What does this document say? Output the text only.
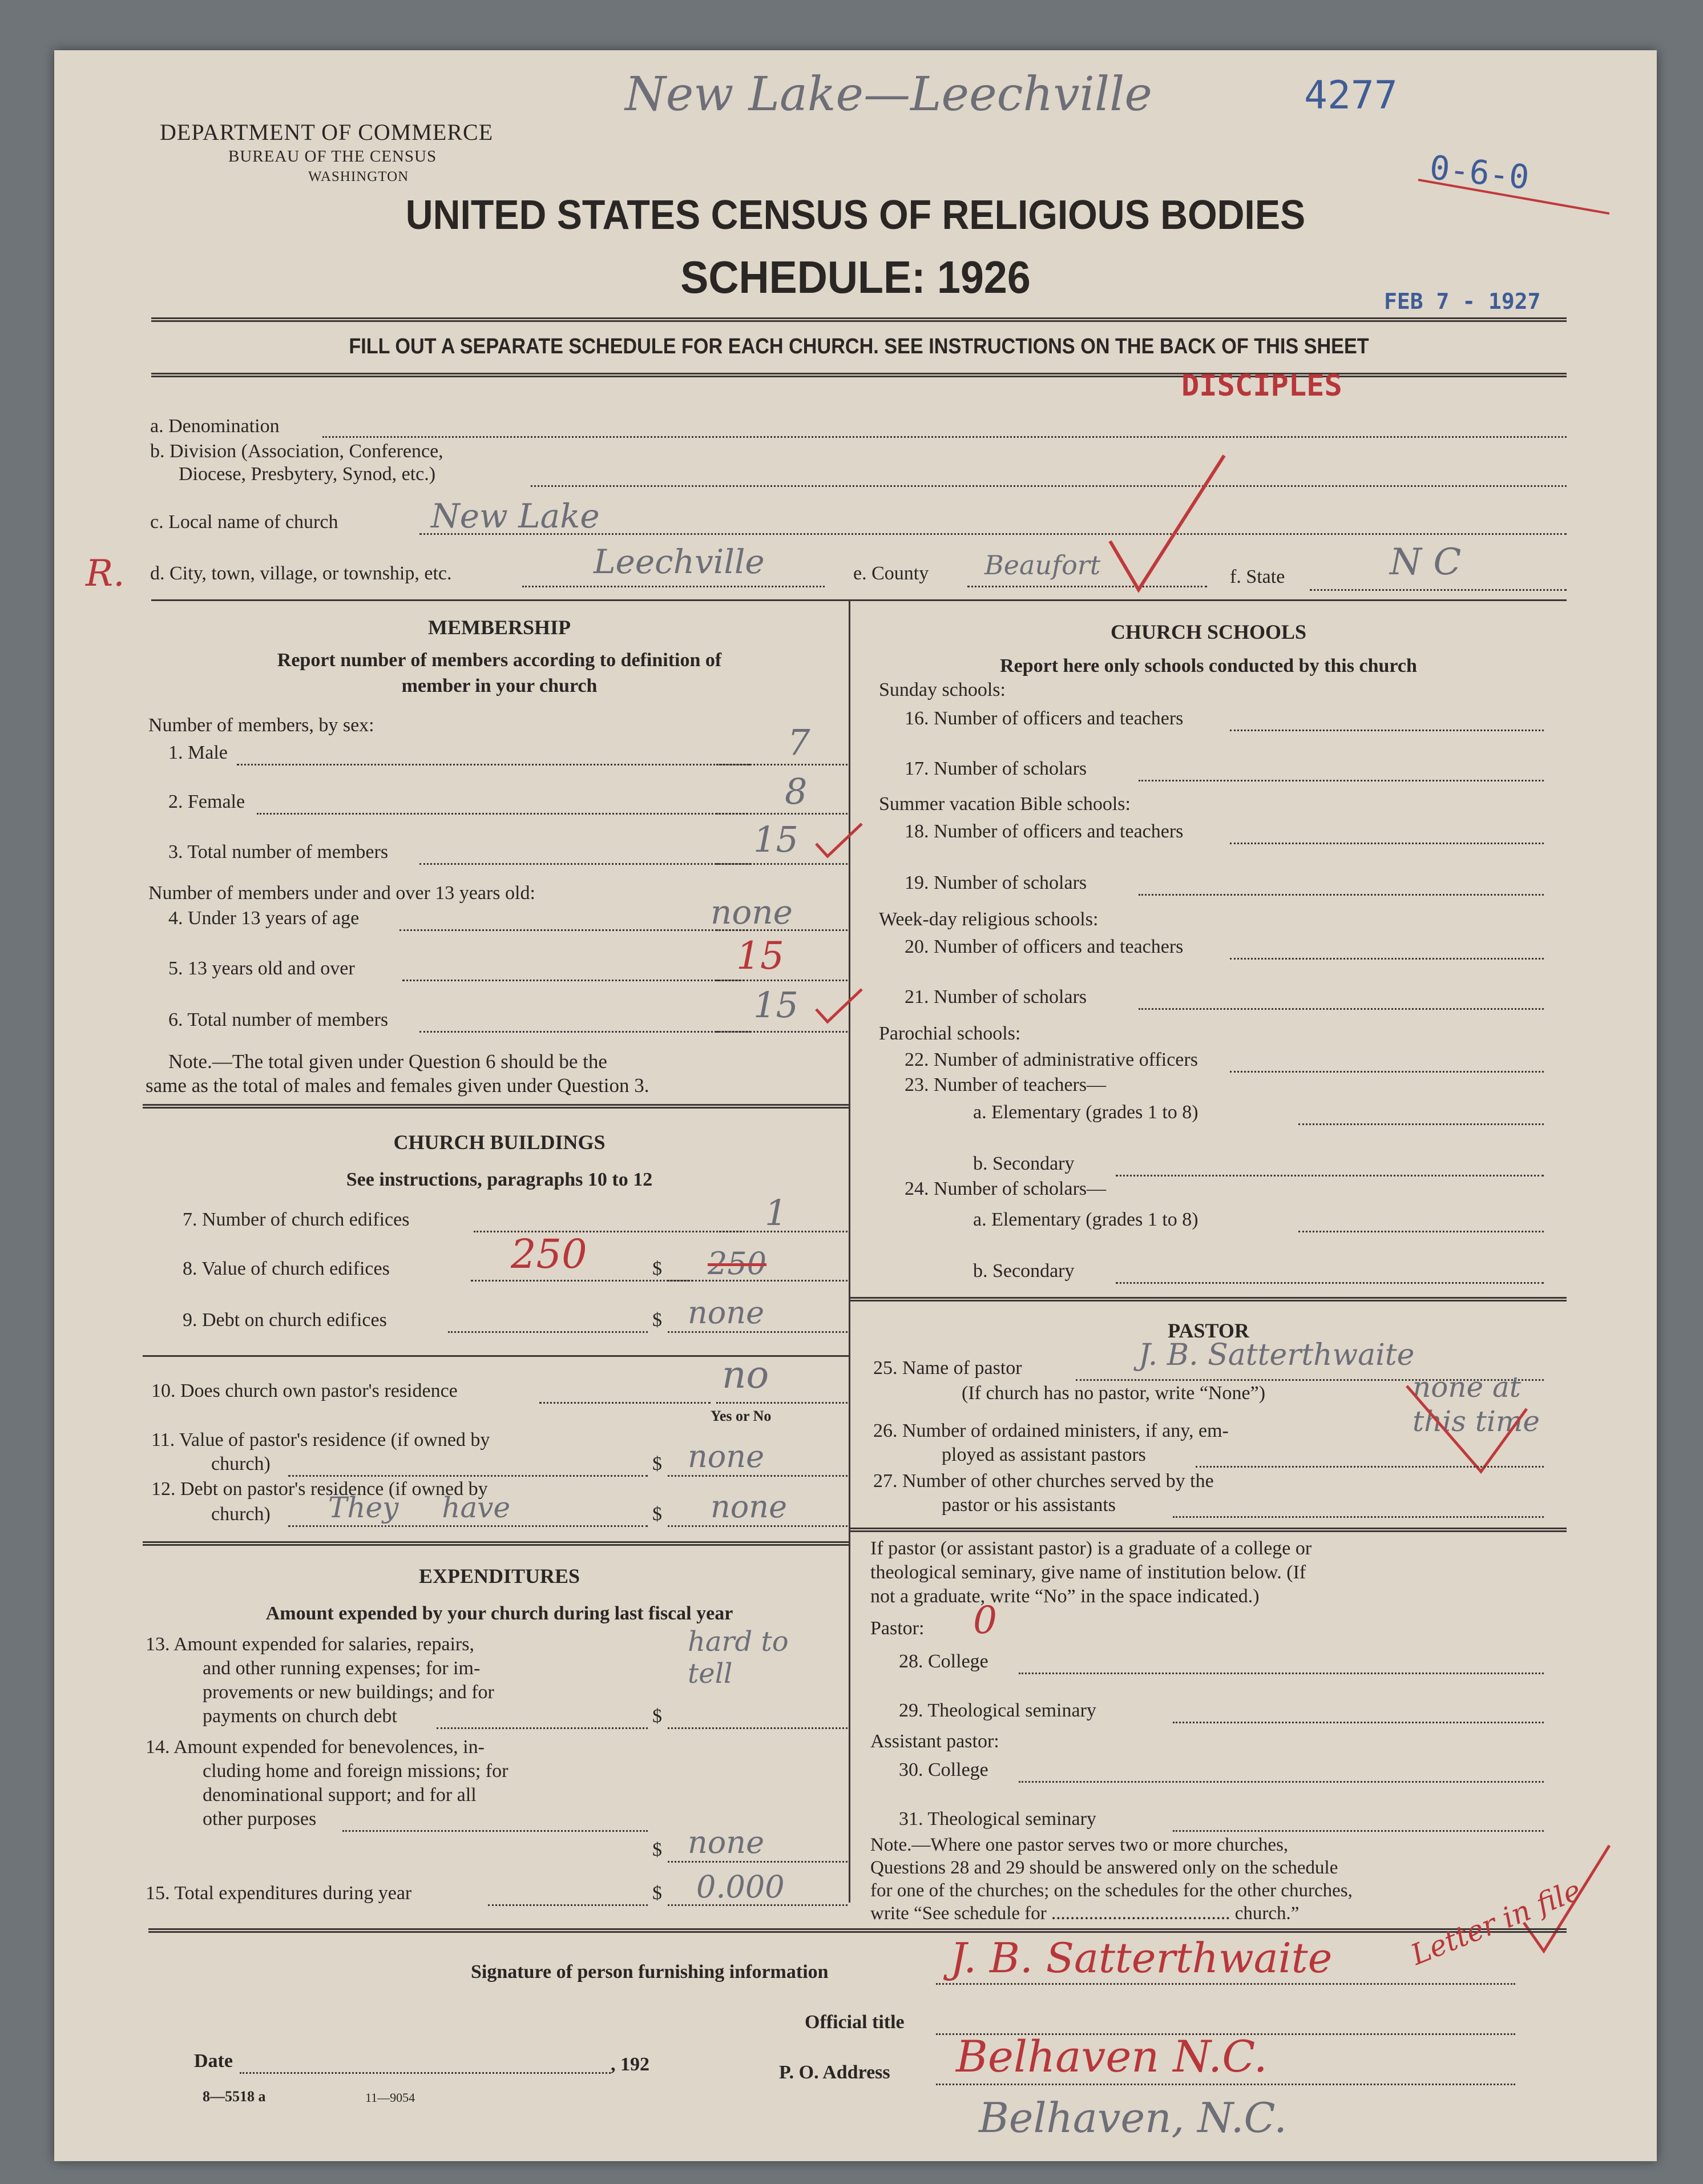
DEPARTMENT OF COMMERCE
BUREAU OF THE CENSUS
WASHINGTON
New Lake—Leechville	4277
0-6-0
FEB 7 - 1927
UNITED STATES CENSUS OF RELIGIOUS BODIES
SCHEDULE: 1926
FILL OUT A SEPARATE SCHEDULE FOR EACH CHURCH. SEE INSTRUCTIONS ON THE BACK OF THIS SHEET
DISCIPLES
a. Denomination
b. Division (Association, Conference,
Diocese, Presbytery, Synod, etc.)
c. Local name of church	New Lake
R. d. City, town, village, or township, etc.	Leechville	e. County Beaufort	f. State	N C
MEMBERSHIP
Report number of members according to definition of
member in your church
Number of members, by sex:
1. Male	7
2. Female	8
3. Total number of members	15
Number of members under and over 13 years old:
4. Under 13 years of age	none
5. 13 years old and over	15
6. Total number of members	15
Note.—The total given under Question 6 should be the
same as the total of males and females given under Question 3.
CHURCH BUILDINGS
See instructions, paragraphs 10 to 12
7. Number of church edifices	1
8. Value of church edifices	250	$ 250
9. Debt on church edifices	$ none
10. Does church own pastor's residence	no
Yes or No
11. Value of pastor's residence (if owned by
church)	$ none
12. Debt on pastor's residence (if owned by
church) They have	$ none
EXPENDITURES
Amount expended by your church during last fiscal year
13. Amount expended for salaries, repairs,
and other running expenses; for im-
provements or new buildings; and for
payments on church debt
hard to tell
$
14. Amount expended for benevolences, in-
cluding home and foreign missions; for
denominational support; and for all
other purposes
$ none
15. Total expenditures during year	$ 0.000
CHURCH SCHOOLS
Report here only schools conducted by this church
Sunday schools:
16. Number of officers and teachers
17. Number of scholars
Summer vacation Bible schools:
18. Number of officers and teachers
19. Number of scholars
Week-day religious schools:
20. Number of officers and teachers
21. Number of scholars
Parochial schools:
22. Number of administrative officers
23. Number of teachers—
a. Elementary (grades 1 to 8)
b. Secondary
24. Number of scholars—
a. Elementary (grades 1 to 8)
b. Secondary
PASTOR
25. Name of pastor	J. B. Satterthwaite
(If church has no pastor, write “None”)	none at this time
26. Number of ordained ministers, if any, em-
ployed as assistant pastors
27. Number of other churches served by the
pastor or his assistants
If pastor (or assistant pastor) is a graduate of a college or
theological seminary, give name of institution below. (If
not a graduate, write “No” in the space indicated.)
Pastor: 0
28. College
29. Theological seminary
Assistant pastor:
30. College
31. Theological seminary
Note.—Where one pastor serves two or more churches,
Questions 28 and 29 should be answered only on the schedule
for one of the churches; on the schedules for the other churches,
write “See schedule for ...................................... church.”
Signature of person furnishing information	J. B. Satterthwaite	Letter in file
Official title
Date	, 192	P. O. Address Belhaven N.C.
8—5518 a	11—9054	Belhaven, N.C.
